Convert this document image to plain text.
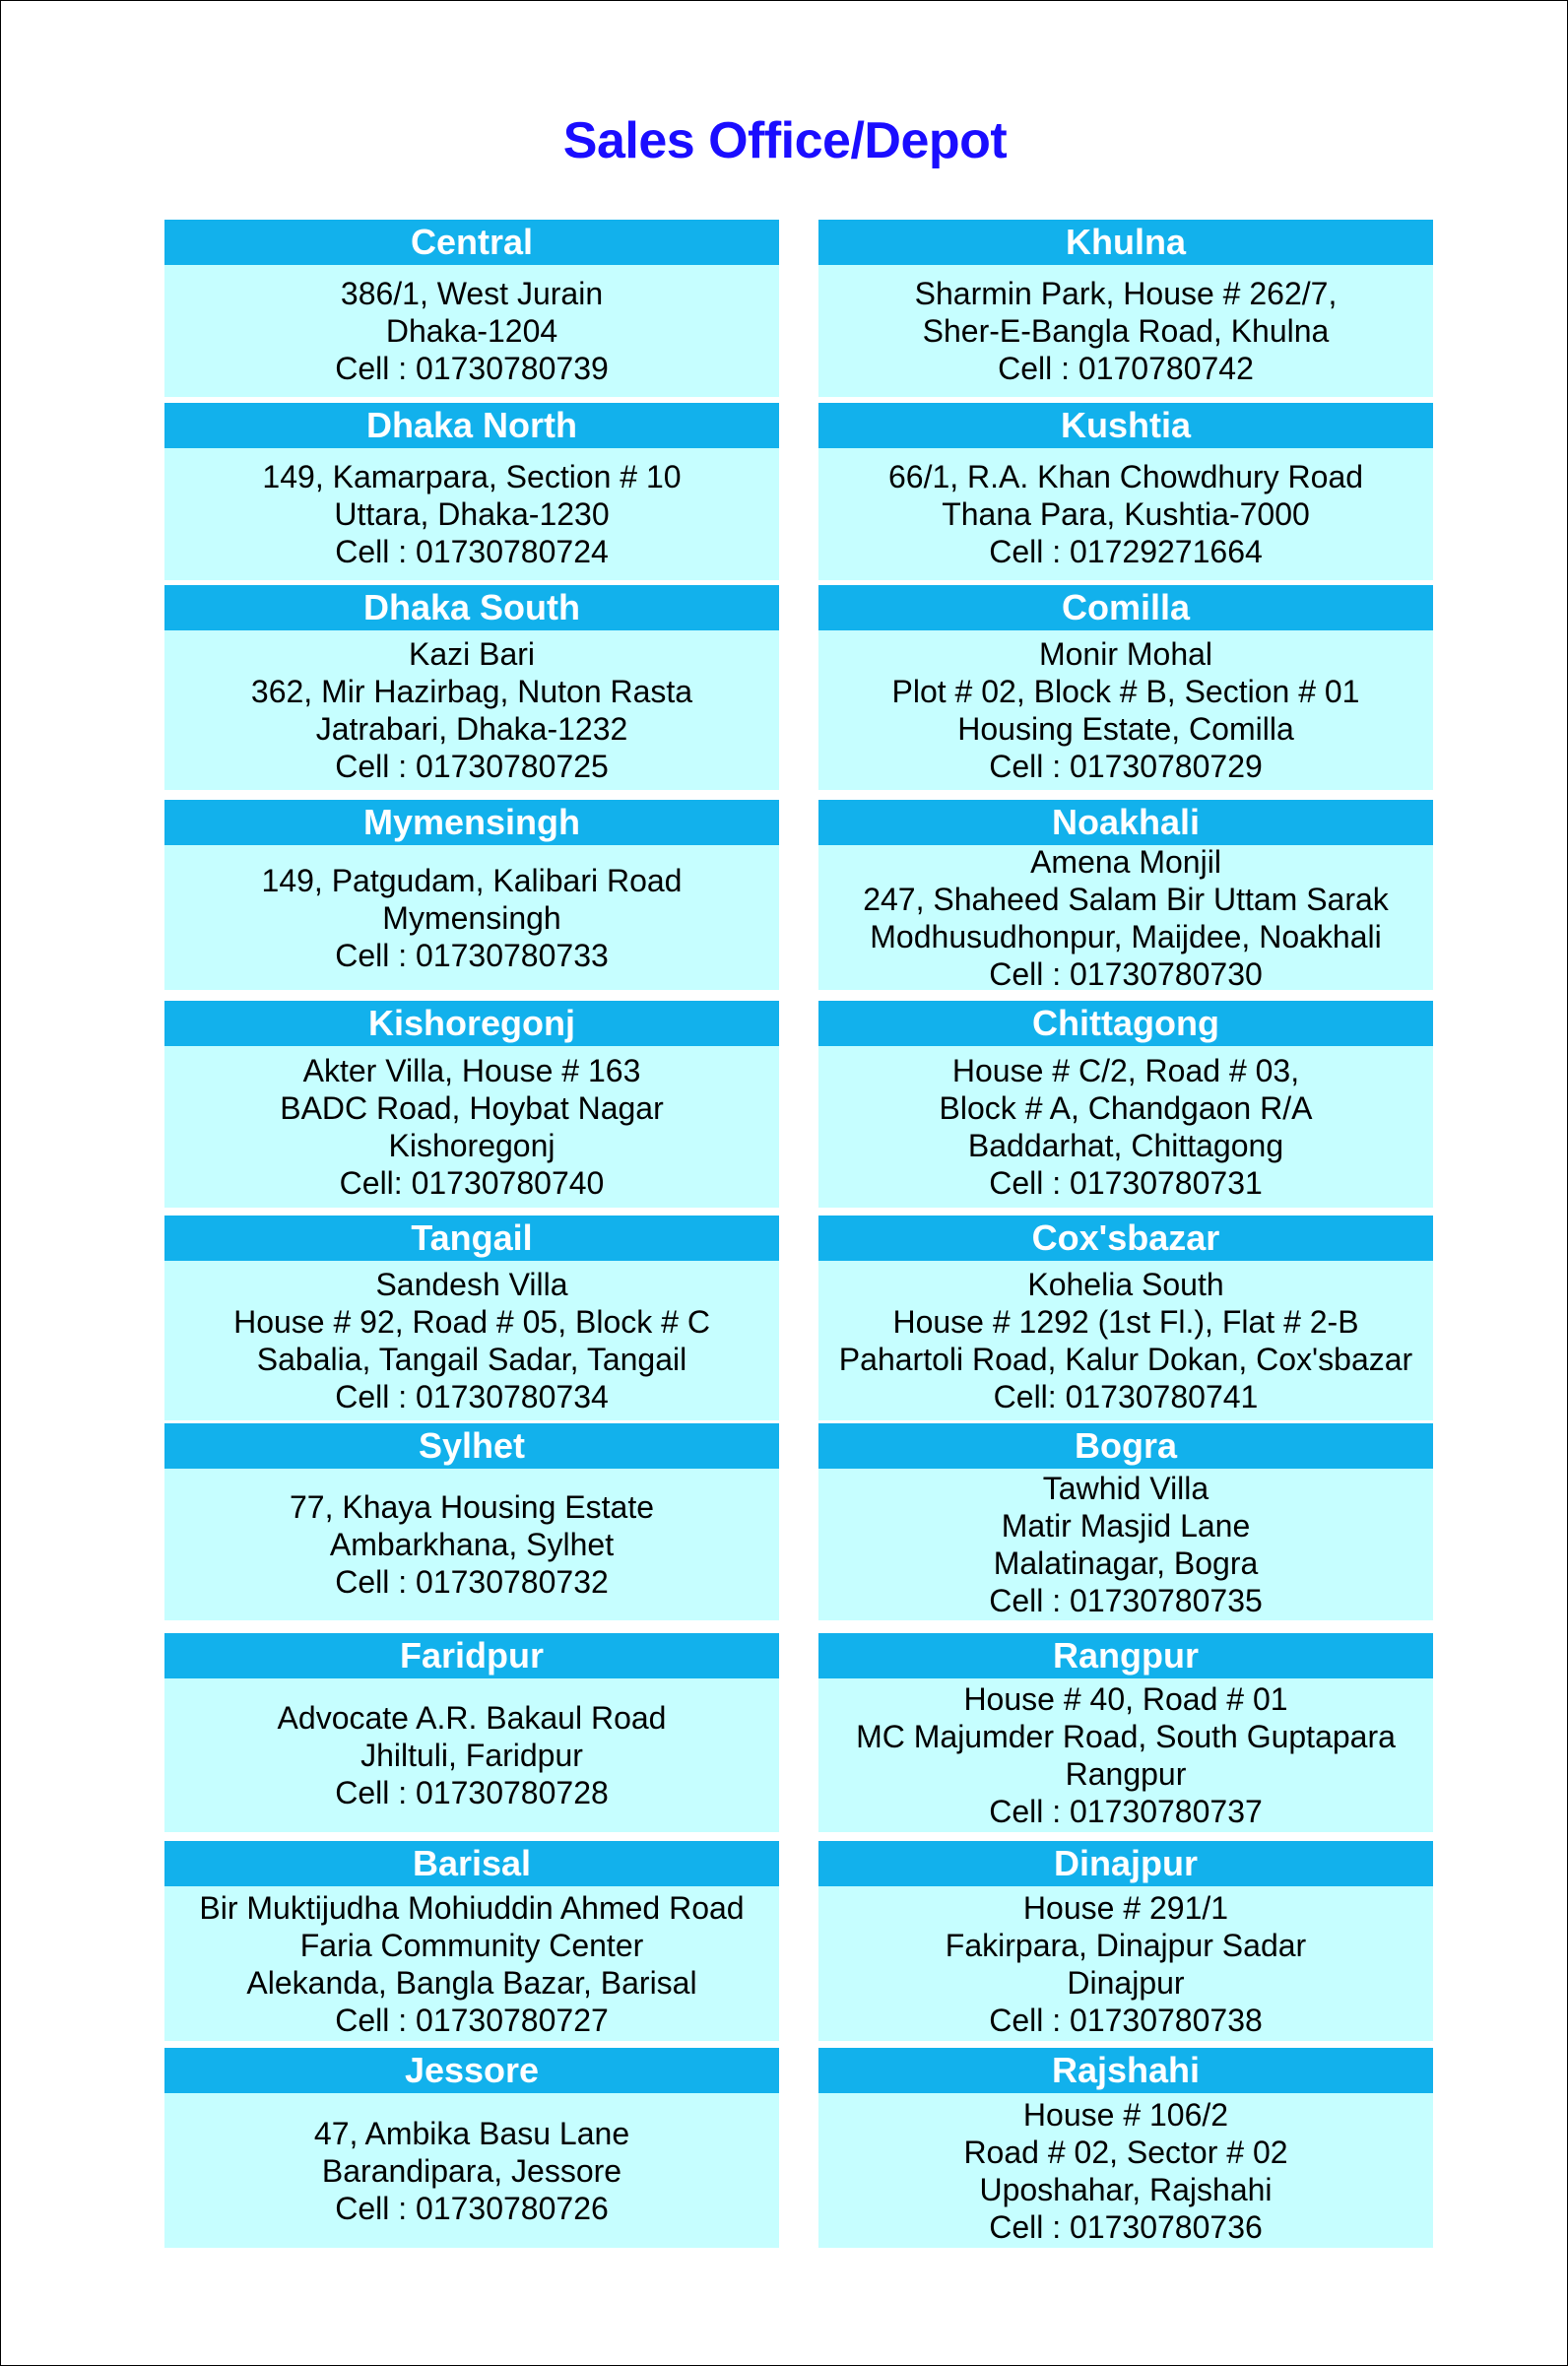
Sales Office/Depot
Central
386/1, West Jurain
Dhaka-1204
Cell : 01730780739
Dhaka North
149, Kamarpara, Section # 10
Uttara, Dhaka-1230
Cell : 01730780724
Dhaka South
Kazi Bari
362, Mir Hazirbag, Nuton Rasta
Jatrabari, Dhaka-1232
Cell : 01730780725
Mymensingh
149, Patgudam, Kalibari Road
Mymensingh
Cell : 01730780733
Kishoregonj
Akter Villa, House # 163
BADC Road, Hoybat Nagar
Kishoregonj
Cell: 01730780740
Tangail
Sandesh Villa
House # 92, Road # 05, Block # C
Sabalia, Tangail Sadar, Tangail
Cell : 01730780734
Sylhet
77, Khaya Housing Estate
Ambarkhana, Sylhet
Cell : 01730780732
Faridpur
Advocate A.R. Bakaul Road
Jhiltuli, Faridpur
Cell : 01730780728
Barisal
Bir Muktijudha Mohiuddin Ahmed Road
Faria Community Center
Alekanda, Bangla Bazar, Barisal
Cell : 01730780727
Jessore
47, Ambika Basu Lane
Barandipara, Jessore
Cell : 01730780726
Khulna
Sharmin Park, House # 262/7,
Sher-E-Bangla Road, Khulna
Cell : 0170780742
Kushtia
66/1, R.A. Khan Chowdhury Road
Thana Para, Kushtia-7000
Cell : 01729271664
Comilla
Monir Mohal
Plot # 02, Block # B, Section # 01
Housing Estate, Comilla
Cell : 01730780729
Noakhali
Amena Monjil
247, Shaheed Salam Bir Uttam Sarak
Modhusudhonpur, Maijdee, Noakhali
Cell : 01730780730
Chittagong
House # C/2, Road # 03,
Block # A, Chandgaon R/A
Baddarhat, Chittagong
Cell : 01730780731
Cox'sbazar
Kohelia South
House # 1292 (1st Fl.), Flat # 2-B
Pahartoli Road, Kalur Dokan, Cox'sbazar
Cell: 01730780741
Bogra
Tawhid Villa
Matir Masjid Lane
Malatinagar, Bogra
Cell : 01730780735
Rangpur
House # 40, Road # 01
MC Majumder Road, South Guptapara
Rangpur
Cell : 01730780737
Dinajpur
House # 291/1
Fakirpara, Dinajpur Sadar
Dinajpur
Cell : 01730780738
Rajshahi
House # 106/2
Road # 02, Sector # 02
Uposhahar, Rajshahi
Cell : 01730780736
